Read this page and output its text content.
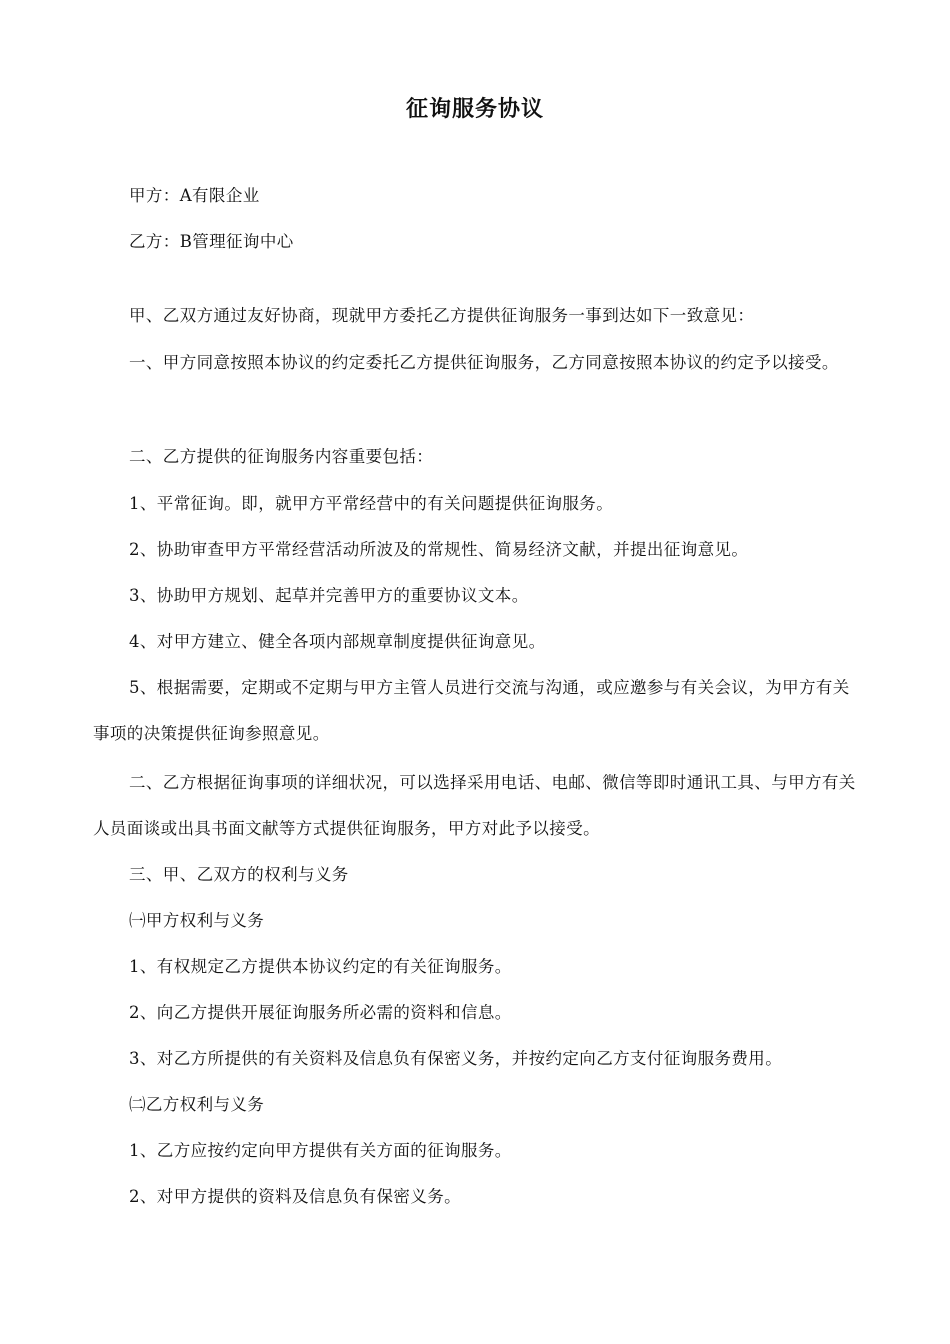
征询服务协议
甲方：A有限企业
乙方：B管理征询中心
甲、乙双方通过友好协商，现就甲方委托乙方提供征询服务一事到达如下一致意见：
一、甲方同意按照本协议的约定委托乙方提供征询服务，乙方同意按照本协议的约定予以接受。
二、乙方提供的征询服务内容重要包括：
1、平常征询。即，就甲方平常经营中的有关问题提供征询服务。
2、协助审查甲方平常经营活动所波及的常规性、简易经济文献，并提出征询意见。
3、协助甲方规划、起草并完善甲方的重要协议文本。
4、对甲方建立、健全各项内部规章制度提供征询意见。
5、根据需要，定期或不定期与甲方主管人员进行交流与沟通，或应邀参与有关会议，为甲方有关事项的决策提供征询参照意见。
二、乙方根据征询事项的详细状况，可以选择采用电话、电邮、微信等即时通讯工具、与甲方有关人员面谈或出具书面文献等方式提供征询服务，甲方对此予以接受。
三、甲、乙双方的权利与义务
㈠甲方权利与义务
1、有权规定乙方提供本协议约定的有关征询服务。
2、向乙方提供开展征询服务所必需的资料和信息。
3、对乙方所提供的有关资料及信息负有保密义务，并按约定向乙方支付征询服务费用。
㈡乙方权利与义务
1、乙方应按约定向甲方提供有关方面的征询服务。
2、对甲方提供的资料及信息负有保密义务。
